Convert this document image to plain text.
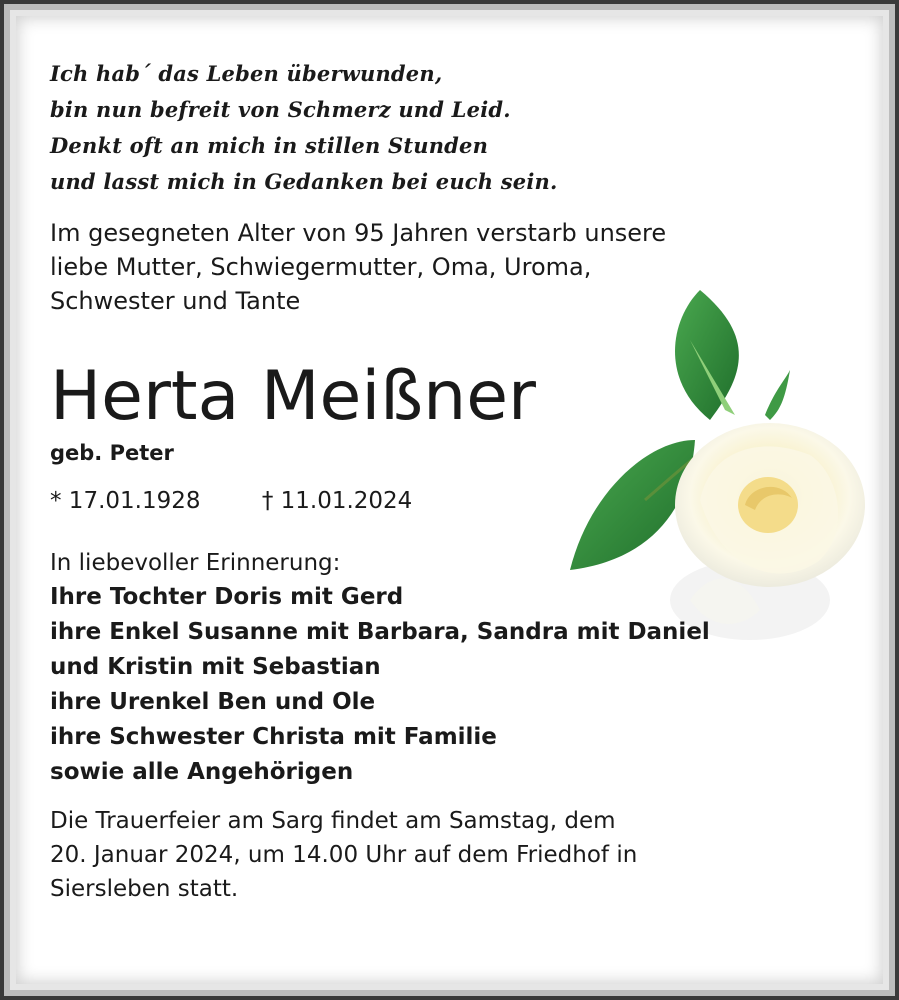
Ich hab´ das Leben überwunden,
bin nun befreit von Schmerz und Leid.
Denkt oft an mich in stillen Stunden
und lasst mich in Gedanken bei euch sein.
Im gesegneten Alter von 95 Jahren verstarb unsere
liebe Mutter, Schwiegermutter, Oma, Uroma,
Schwester und Tante
Herta Meißner
geb. Peter
* 17.01.1928	† 11.01.2024
In liebevoller Erinnerung:
Ihre Tochter Doris mit Gerd
ihre Enkel Susanne mit Barbara, Sandra mit Daniel
und Kristin mit Sebastian
ihre Urenkel Ben und Ole
ihre Schwester Christa mit Familie
sowie alle Angehörigen
Die Trauerfeier am Sarg findet am Samstag, dem
20. Januar 2024, um 14.00 Uhr auf dem Friedhof in
Siersleben statt.
